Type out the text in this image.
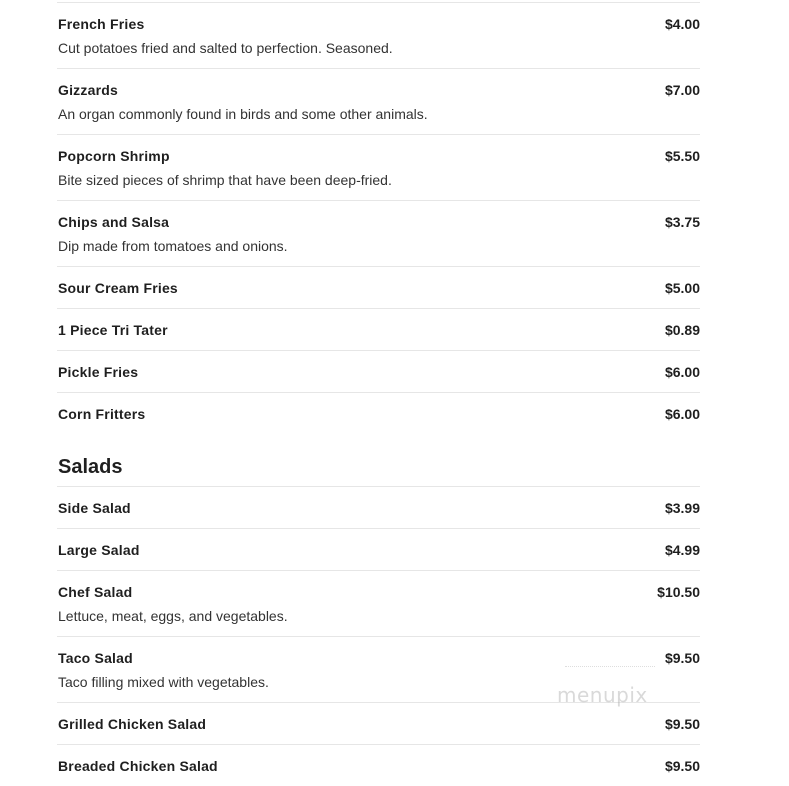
French Fries	$4.00
Cut potatoes fried and salted to perfection. Seasoned.
Gizzards	$7.00
An organ commonly found in birds and some other animals.
Popcorn Shrimp	$5.50
Bite sized pieces of shrimp that have been deep-fried.
Chips and Salsa	$3.75
Dip made from tomatoes and onions.
Sour Cream Fries	$5.00
1 Piece Tri Tater	$0.89
Pickle Fries	$6.00
Corn Fritters	$6.00
Salads
Side Salad	$3.99
Large Salad	$4.99
Chef Salad	$10.50
Lettuce, meat, eggs, and vegetables.
Taco Salad	$9.50
Taco filling mixed with vegetables.
Grilled Chicken Salad	$9.50
Breaded Chicken Salad	$9.50
menupix
